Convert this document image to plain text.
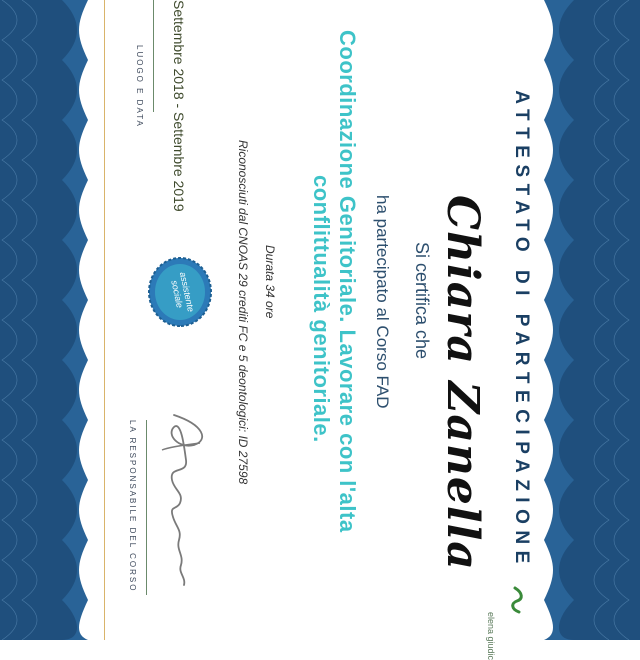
ATTESTATO DI PARTECIPAZIONE
Chiara Zanella
Si certifica che
ha partecipato al Corso FAD
Coordinazione Genitoriale. Lavorare con l'alta
conflittualità genitoriale.
Durata 34 ore
Riconosciuti dal CNOAS 29 crediti FC e 5 deontologici: ID 27598
Settembre 2018 - Settembre 2019
LUOGO E DATA
assistente sociale
LA RESPONSABILE DEL CORSO
elena giudic
